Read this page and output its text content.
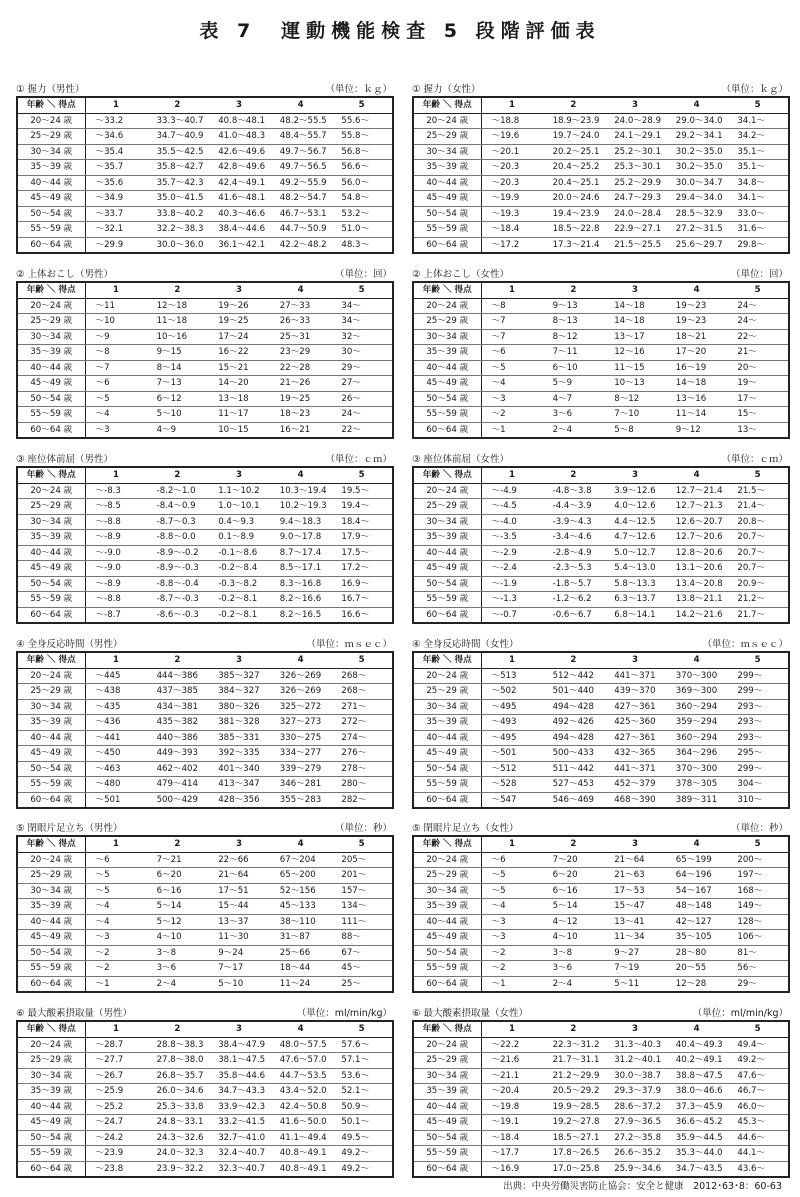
表 7　運動機能検査 5 段階評価表
① 握力（男性）	（単位：ｋｇ）
年齢 ＼ 得点	1	2	3	4	5
20～24 歳	～33.2	33.3～40.7	40.8～48.1	48.2～55.5	55.6～
25～29 歳	～34.6	34.7～40.9	41.0～48.3	48.4～55.7	55.8～
30～34 歳	～35.4	35.5～42.5	42.6～49.6	49.7～56.7	56.8～
35～39 歳	～35.7	35.8～42.7	42.8～49.6	49.7～56.5	56.6～
40～44 歳	～35.6	35.7～42.3	42.4～49.1	49.2～55.9	56.0～
45～49 歳	～34.9	35.0～41.5	41.6～48.1	48.2～54.7	54.8～
50～54 歳	～33.7	33.8～40.2	40.3～46.6	46.7～53.1	53.2～
55～59 歳	～32.1	32.2～38.3	38.4～44.6	44.7～50.9	51.0～
60～64 歳	～29.9	30.0～36.0	36.1～42.1	42.2～48.2	48.3～
① 握力（女性）	（単位：ｋｇ）
年齢 ＼ 得点	1	2	3	4	5
20～24 歳	～18.8	18.9～23.9	24.0～28.9	29.0～34.0	34.1～
25～29 歳	～19.6	19.7～24.0	24.1～29.1	29.2～34.1	34.2～
30～34 歳	～20.1	20.2～25.1	25.2～30.1	30.2～35.0	35.1～
35～39 歳	～20.3	20.4～25.2	25.3～30.1	30.2～35.0	35.1～
40～44 歳	～20.3	20.4～25.1	25.2～29.9	30.0～34.7	34.8～
45～49 歳	～19.9	20.0～24.6	24.7～29.3	29.4～34.0	34.1～
50～54 歳	～19.3	19.4～23.9	24.0～28.4	28.5～32.9	33.0～
55～59 歳	～18.4	18.5～22.8	22.9～27.1	27.2～31.5	31.6～
60～64 歳	～17.2	17.3～21.4	21.5～25.5	25.6～29.7	29.8～
② 上体おこし（男性）	（単位：回）
年齢 ＼ 得点	1	2	3	4	5
20～24 歳	～11	12～18	19～26	27～33	34～
25～29 歳	～10	11～18	19～25	26～33	34～
30～34 歳	～9	10～16	17～24	25～31	32～
35～39 歳	～8	9～15	16～22	23～29	30～
40～44 歳	～7	8～14	15～21	22～28	29～
45～49 歳	～6	7～13	14～20	21～26	27～
50～54 歳	～5	6～12	13～18	19～25	26～
55～59 歳	～4	5～10	11～17	18～23	24～
60～64 歳	～3	4～9	10～15	16～21	22～
② 上体おこし（女性）	（単位：回）
年齢 ＼ 得点	1	2	3	4	5
20～24 歳	～8	9～13	14～18	19～23	24～
25～29 歳	～7	8～13	14～18	19～23	24～
30～34 歳	～7	8～12	13～17	18～21	22～
35～39 歳	～6	7～11	12～16	17～20	21～
40～44 歳	～5	6～10	11～15	16～19	20～
45～49 歳	～4	5～9	10～13	14～18	19～
50～54 歳	～3	4～7	8～12	13～16	17～
55～59 歳	～2	3～6	7～10	11～14	15～
60～64 歳	～1	2～4	5～8	9～12	13～
③ 座位体前屈（男性）	（単位：ｃｍ）
年齢 ＼ 得点	1	2	3	4	5
20～24 歳	～-8.3	-8.2～1.0	1.1～10.2	10.3～19.4	19.5～
25～29 歳	～-8.5	-8.4～0.9	1.0～10.1	10.2～19.3	19.4～
30～34 歳	～-8.8	-8.7～0.3	0.4～9.3	9.4～18.3	18.4～
35～39 歳	～-8.9	-8.8～0.0	0.1～8.9	9.0～17.8	17.9～
40～44 歳	～-9.0	-8.9～-0.2	-0.1～8.6	8.7～17.4	17.5～
45～49 歳	～-9.0	-8.9～-0.3	-0.2～8.4	8.5～17.1	17.2～
50～54 歳	～-8.9	-8.8～-0.4	-0.3～8.2	8.3～16.8	16.9～
55～59 歳	～-8.8	-8.7～-0.3	-0.2～8.1	8.2～16.6	16.7～
60～64 歳	～-8.7	-8.6～-0.3	-0.2～8.1	8.2～16.5	16.6～
③ 座位体前屈（女性）	（単位：ｃｍ）
年齢 ＼ 得点	1	2	3	4	5
20～24 歳	～-4.9	-4.8～3.8	3.9～12.6	12.7～21.4	21.5～
25～29 歳	～-4.5	-4.4～3.9	4.0～12.6	12.7～21.3	21.4～
30～34 歳	～-4.0	-3.9～4.3	4.4～12.5	12.6～20.7	20.8～
35～39 歳	～-3.5	-3.4～4.6	4.7～12.6	12.7～20.6	20.7～
40～44 歳	～-2.9	-2.8～4.9	5.0～12.7	12.8～20.6	20.7～
45～49 歳	～-2.4	-2.3～5.3	5.4～13.0	13.1～20.6	20.7～
50～54 歳	～-1.9	-1.8～5.7	5.8～13.3	13.4～20.8	20.9～
55～59 歳	～-1.3	-1.2～6.2	6.3～13.7	13.8～21.1	21.2～
60～64 歳	～-0.7	-0.6～6.7	6.8～14.1	14.2～21.6	21.7～
④ 全身反応時間（男性）	（単位：ｍｓｅｃ）
年齢 ＼ 得点	1	2	3	4	5
20～24 歳	～445	444～386	385～327	326～269	268～
25～29 歳	～438	437～385	384～327	326～269	268～
30～34 歳	～435	434～381	380～326	325～272	271～
35～39 歳	～436	435～382	381～328	327～273	272～
40～44 歳	～441	440～386	385～331	330～275	274～
45～49 歳	～450	449～393	392～335	334～277	276～
50～54 歳	～463	462～402	401～340	339～279	278～
55～59 歳	～480	479～414	413～347	346～281	280～
60～64 歳	～501	500～429	428～356	355～283	282～
④ 全身反応時間（女性）	（単位：ｍｓｅｃ）
年齢 ＼ 得点	1	2	3	4	5
20～24 歳	～513	512～442	441～371	370～300	299～
25～29 歳	～502	501～440	439～370	369～300	299～
30～34 歳	～495	494～428	427～361	360～294	293～
35～39 歳	～493	492～426	425～360	359～294	293～
40～44 歳	～495	494～428	427～361	360～294	293～
45～49 歳	～501	500～433	432～365	364～296	295～
50～54 歳	～512	511～442	441～371	370～300	299～
55～59 歳	～528	527～453	452～379	378～305	304～
60～64 歳	～547	546～469	468～390	389～311	310～
⑤ 閉眼片足立ち（男性）	（単位：秒）
年齢 ＼ 得点	1	2	3	4	5
20～24 歳	～6	7～21	22～66	67～204	205～
25～29 歳	～5	6～20	21～64	65～200	201～
30～34 歳	～5	6～16	17～51	52～156	157～
35～39 歳	～4	5～14	15～44	45～133	134～
40～44 歳	～4	5～12	13～37	38～110	111～
45～49 歳	～3	4～10	11～30	31～87	88～
50～54 歳	～2	3～8	9～24	25～66	67～
55～59 歳	～2	3～6	7～17	18～44	45～
60～64 歳	～1	2～4	5～10	11～24	25～
⑤ 閉眼片足立ち（女性）	（単位：秒）
年齢 ＼ 得点	1	2	3	4	5
20～24 歳	～6	7～20	21～64	65～199	200～
25～29 歳	～5	6～20	21～63	64～196	197～
30～34 歳	～5	6～16	17～53	54～167	168～
35～39 歳	～4	5～14	15～47	48～148	149～
40～44 歳	～3	4～12	13～41	42～127	128～
45～49 歳	～3	4～10	11～34	35～105	106～
50～54 歳	～2	3～8	9～27	28～80	81～
55～59 歳	～2	3～6	7～19	20～55	56～
60～64 歳	～1	2～4	5～11	12～28	29～
⑥ 最大酸素摂取量（男性）	（単位：ml/min/kg）
年齢 ＼ 得点	1	2	3	4	5
20～24 歳	～28.7	28.8～38.3	38.4～47.9	48.0～57.5	57.6～
25～29 歳	～27.7	27.8～38.0	38.1～47.5	47.6～57.0	57.1～
30～34 歳	～26.7	26.8～35.7	35.8～44.6	44.7～53.5	53.6～
35～39 歳	～25.9	26.0～34.6	34.7～43.3	43.4～52.0	52.1～
40～44 歳	～25.2	25.3～33.8	33.9～42.3	42.4～50.8	50.9～
45～49 歳	～24.7	24.8～33.1	33.2～41.5	41.6～50.0	50.1～
50～54 歳	～24.2	24.3～32.6	32.7～41.0	41.1～49.4	49.5～
55～59 歳	～23.9	24.0～32.3	32.4～40.7	40.8～49.1	49.2～
60～64 歳	～23.8	23.9～32.2	32.3～40.7	40.8～49.1	49.2～
⑥ 最大酸素摂取量（女性）	（単位：ml/min/kg）
年齢 ＼ 得点	1	2	3	4	5
20～24 歳	～22.2	22.3～31.2	31.3～40.3	40.4～49.3	49.4～
25～29 歳	～21.6	21.7～31.1	31.2～40.1	40.2～49.1	49.2～
30～34 歳	～21.1	21.2～29.9	30.0～38.7	38.8～47.5	47.6～
35～39 歳	～20.4	20.5～29.2	29.3～37.9	38.0～46.6	46.7～
40～44 歳	～19.8	19.9～28.5	28.6～37.2	37.3～45.9	46.0～
45～49 歳	～19.1	19.2～27.8	27.9～36.5	36.6～45.2	45.3～
50～54 歳	～18.4	18.5～27.1	27.2～35.8	35.9～44.5	44.6～
55～59 歳	～17.7	17.8～26.5	26.6～35.2	35.3～44.0	44.1～
60～64 歳	～16.9	17.0～25.8	25.9～34.6	34.7～43.5	43.6～
出典：中央労働災害防止協会：安全と健康　2012･63･8：60-63
